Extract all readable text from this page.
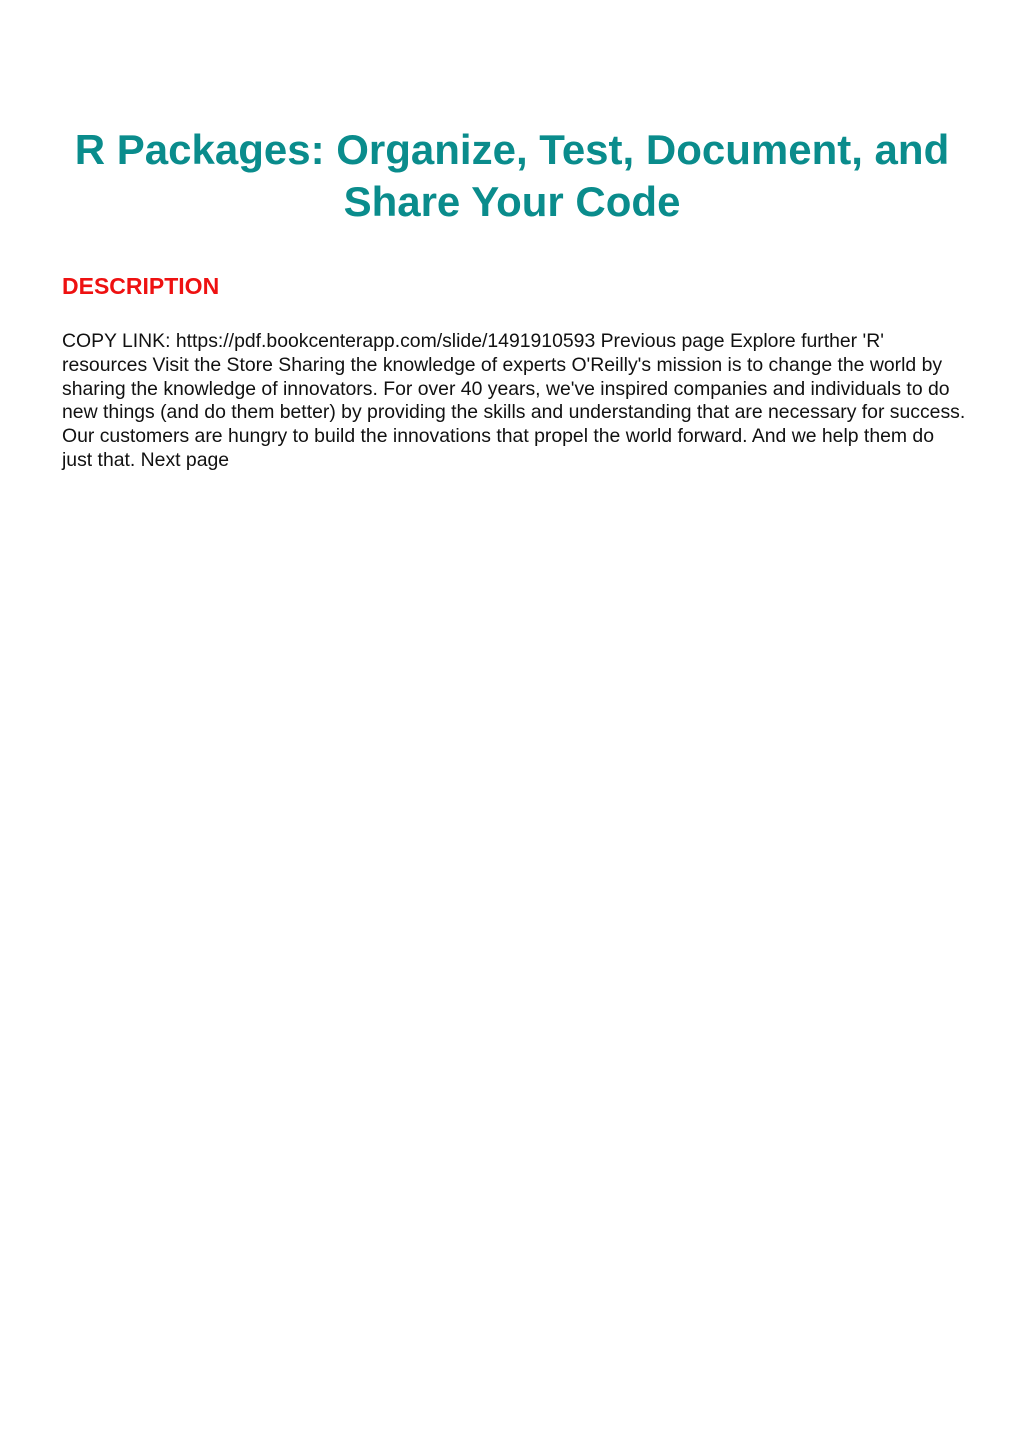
R Packages: Organize, Test, Document, and Share Your Code
DESCRIPTION

COPY LINK: https://pdf.bookcenterapp.com/slide/1491910593 Previous page Explore further 'R' resources Visit the Store Sharing the knowledge of experts O'Reilly's mission is to change the world by sharing the knowledge of innovators. For over 40 years, we've inspired companies and individuals to do new things (and do them better) by providing the skills and understanding that are necessary for success. Our customers are hungry to build the innovations that propel the world forward. And we help them do just that. Next page
